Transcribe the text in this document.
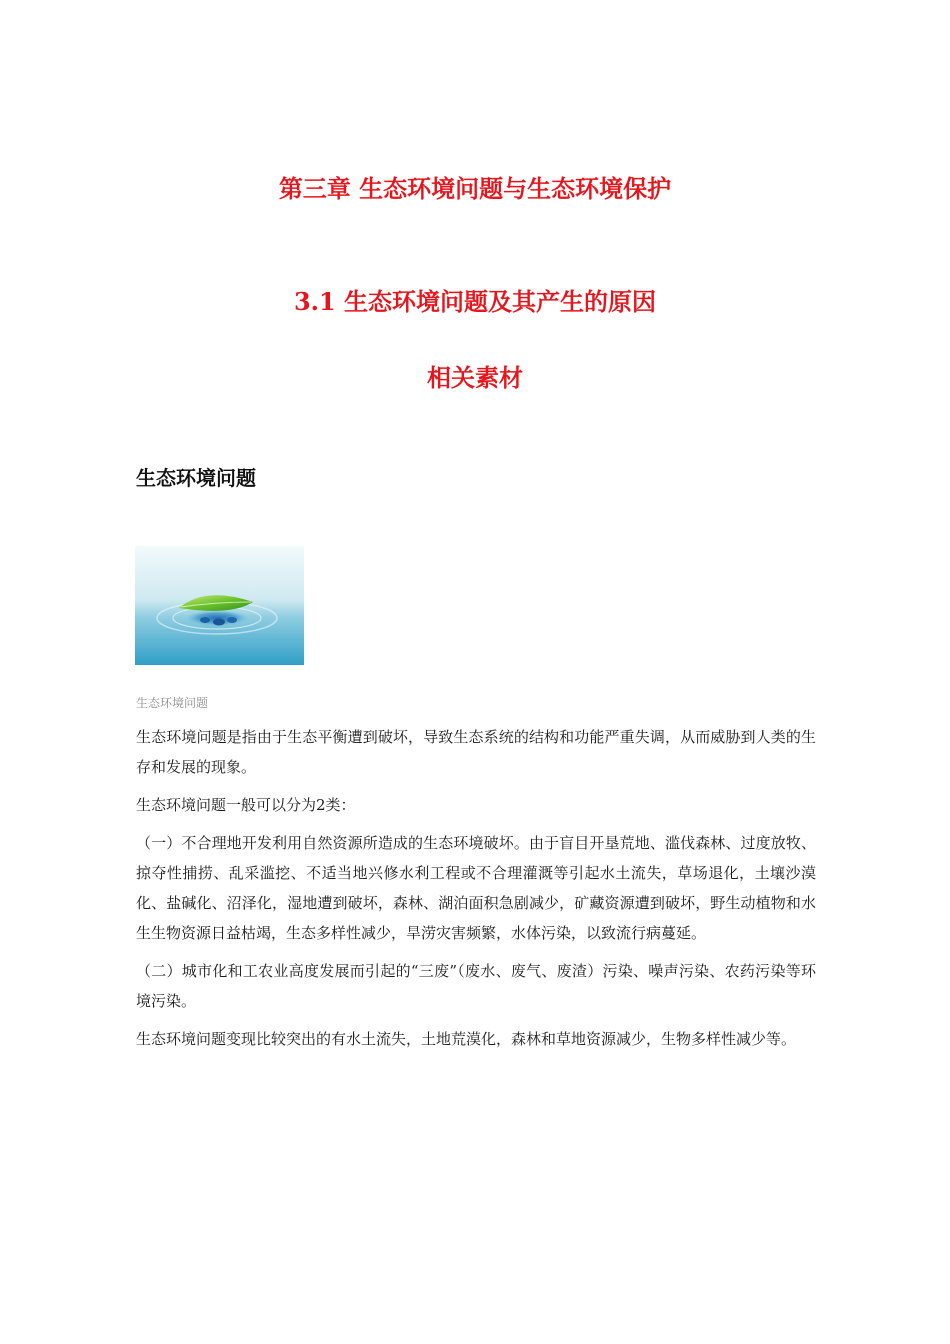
第三章 生态环境问题与生态环境保护
3.1 生态环境问题及其产生的原因
相关素材
生态环境问题
生态环境问题

生态环境问题是指由于生态平衡遭到破坏，导致生态系统的结构和功能严重失调，从而威胁到人类的生存和发展的现象。

生态环境问题一般可以分为2类：

（一）不合理地开发利用自然资源所造成的生态环境破坏。由于盲目开垦荒地、滥伐森林、过度放牧、掠夺性捕捞、乱采滥挖、不适当地兴修水利工程或不合理灌溉等引起水土流失，草场退化，土壤沙漠化、盐碱化、沼泽化，湿地遭到破坏，森林、湖泊面积急剧减少，矿藏资源遭到破坏，野生动植物和水生生物资源日益枯竭，生态多样性减少，旱涝灾害频繁，水体污染，以致流行病蔓延。

（二）城市化和工农业高度发展而引起的“三废”（废水、废气、废渣）污染、噪声污染、农药污染等环境污染。

生态环境问题变现比较突出的有水土流失，土地荒漠化，森林和草地资源减少，生物多样性减少等。
